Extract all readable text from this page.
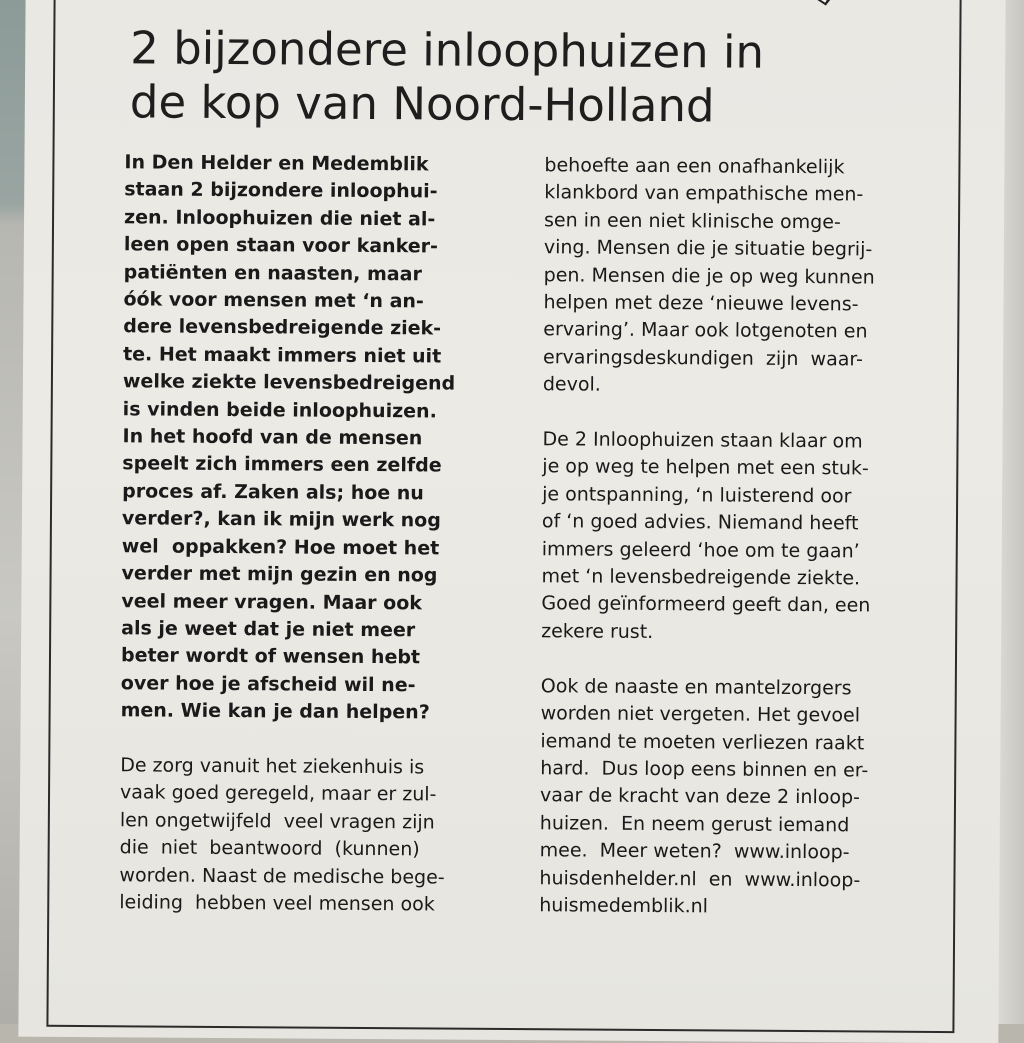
2 bijzondere inloophuizen in
de kop van Noord-Holland
In Den Helder en Medemblik
staan 2 bijzondere inloophui-
zen. Inloophuizen die niet al-
leen open staan voor kanker-
patiënten en naasten, maar
óók voor mensen met ‘n an-
dere levensbedreigende ziek-
te. Het maakt immers niet uit
welke ziekte levensbedreigend
is vinden beide inloophuizen.
In het hoofd van de mensen
speelt zich immers een zelfde
proces af. Zaken als; hoe nu
verder?, kan ik mijn werk nog
wel  oppakken? Hoe moet het
verder met mijn gezin en nog
veel meer vragen. Maar ook
als je weet dat je niet meer
beter wordt of wensen hebt
over hoe je afscheid wil ne-
men. Wie kan je dan helpen?
De zorg vanuit het ziekenhuis is
vaak goed geregeld, maar er zul-
len ongetwijfeld  veel vragen zijn
die  niet  beantwoord  (kunnen)
worden. Naast de medische bege-
leiding  hebben veel mensen ook
behoefte aan een onafhankelijk
klankbord van empathische men-
sen in een niet klinische omge-
ving. Mensen die je situatie begrij-
pen. Mensen die je op weg kunnen
helpen met deze ‘nieuwe levens-
ervaring’. Maar ook lotgenoten en
ervaringsdeskundigen  zijn  waar-
devol.
De 2 Inloophuizen staan klaar om
je op weg te helpen met een stuk-
je ontspanning, ‘n luisterend oor
of ‘n goed advies. Niemand heeft
immers geleerd ‘hoe om te gaan’
met ‘n levensbedreigende ziekte.
Goed geïnformeerd geeft dan, een
zekere rust.
Ook de naaste en mantelzorgers
worden niet vergeten. Het gevoel
iemand te moeten verliezen raakt
hard.  Dus loop eens binnen en er-
vaar de kracht van deze 2 inloop-
huizen.  En neem gerust iemand
mee.  Meer weten?  www.inloop-
huisdenhelder.nl  en  www.inloop-
huismedemblik.nl
